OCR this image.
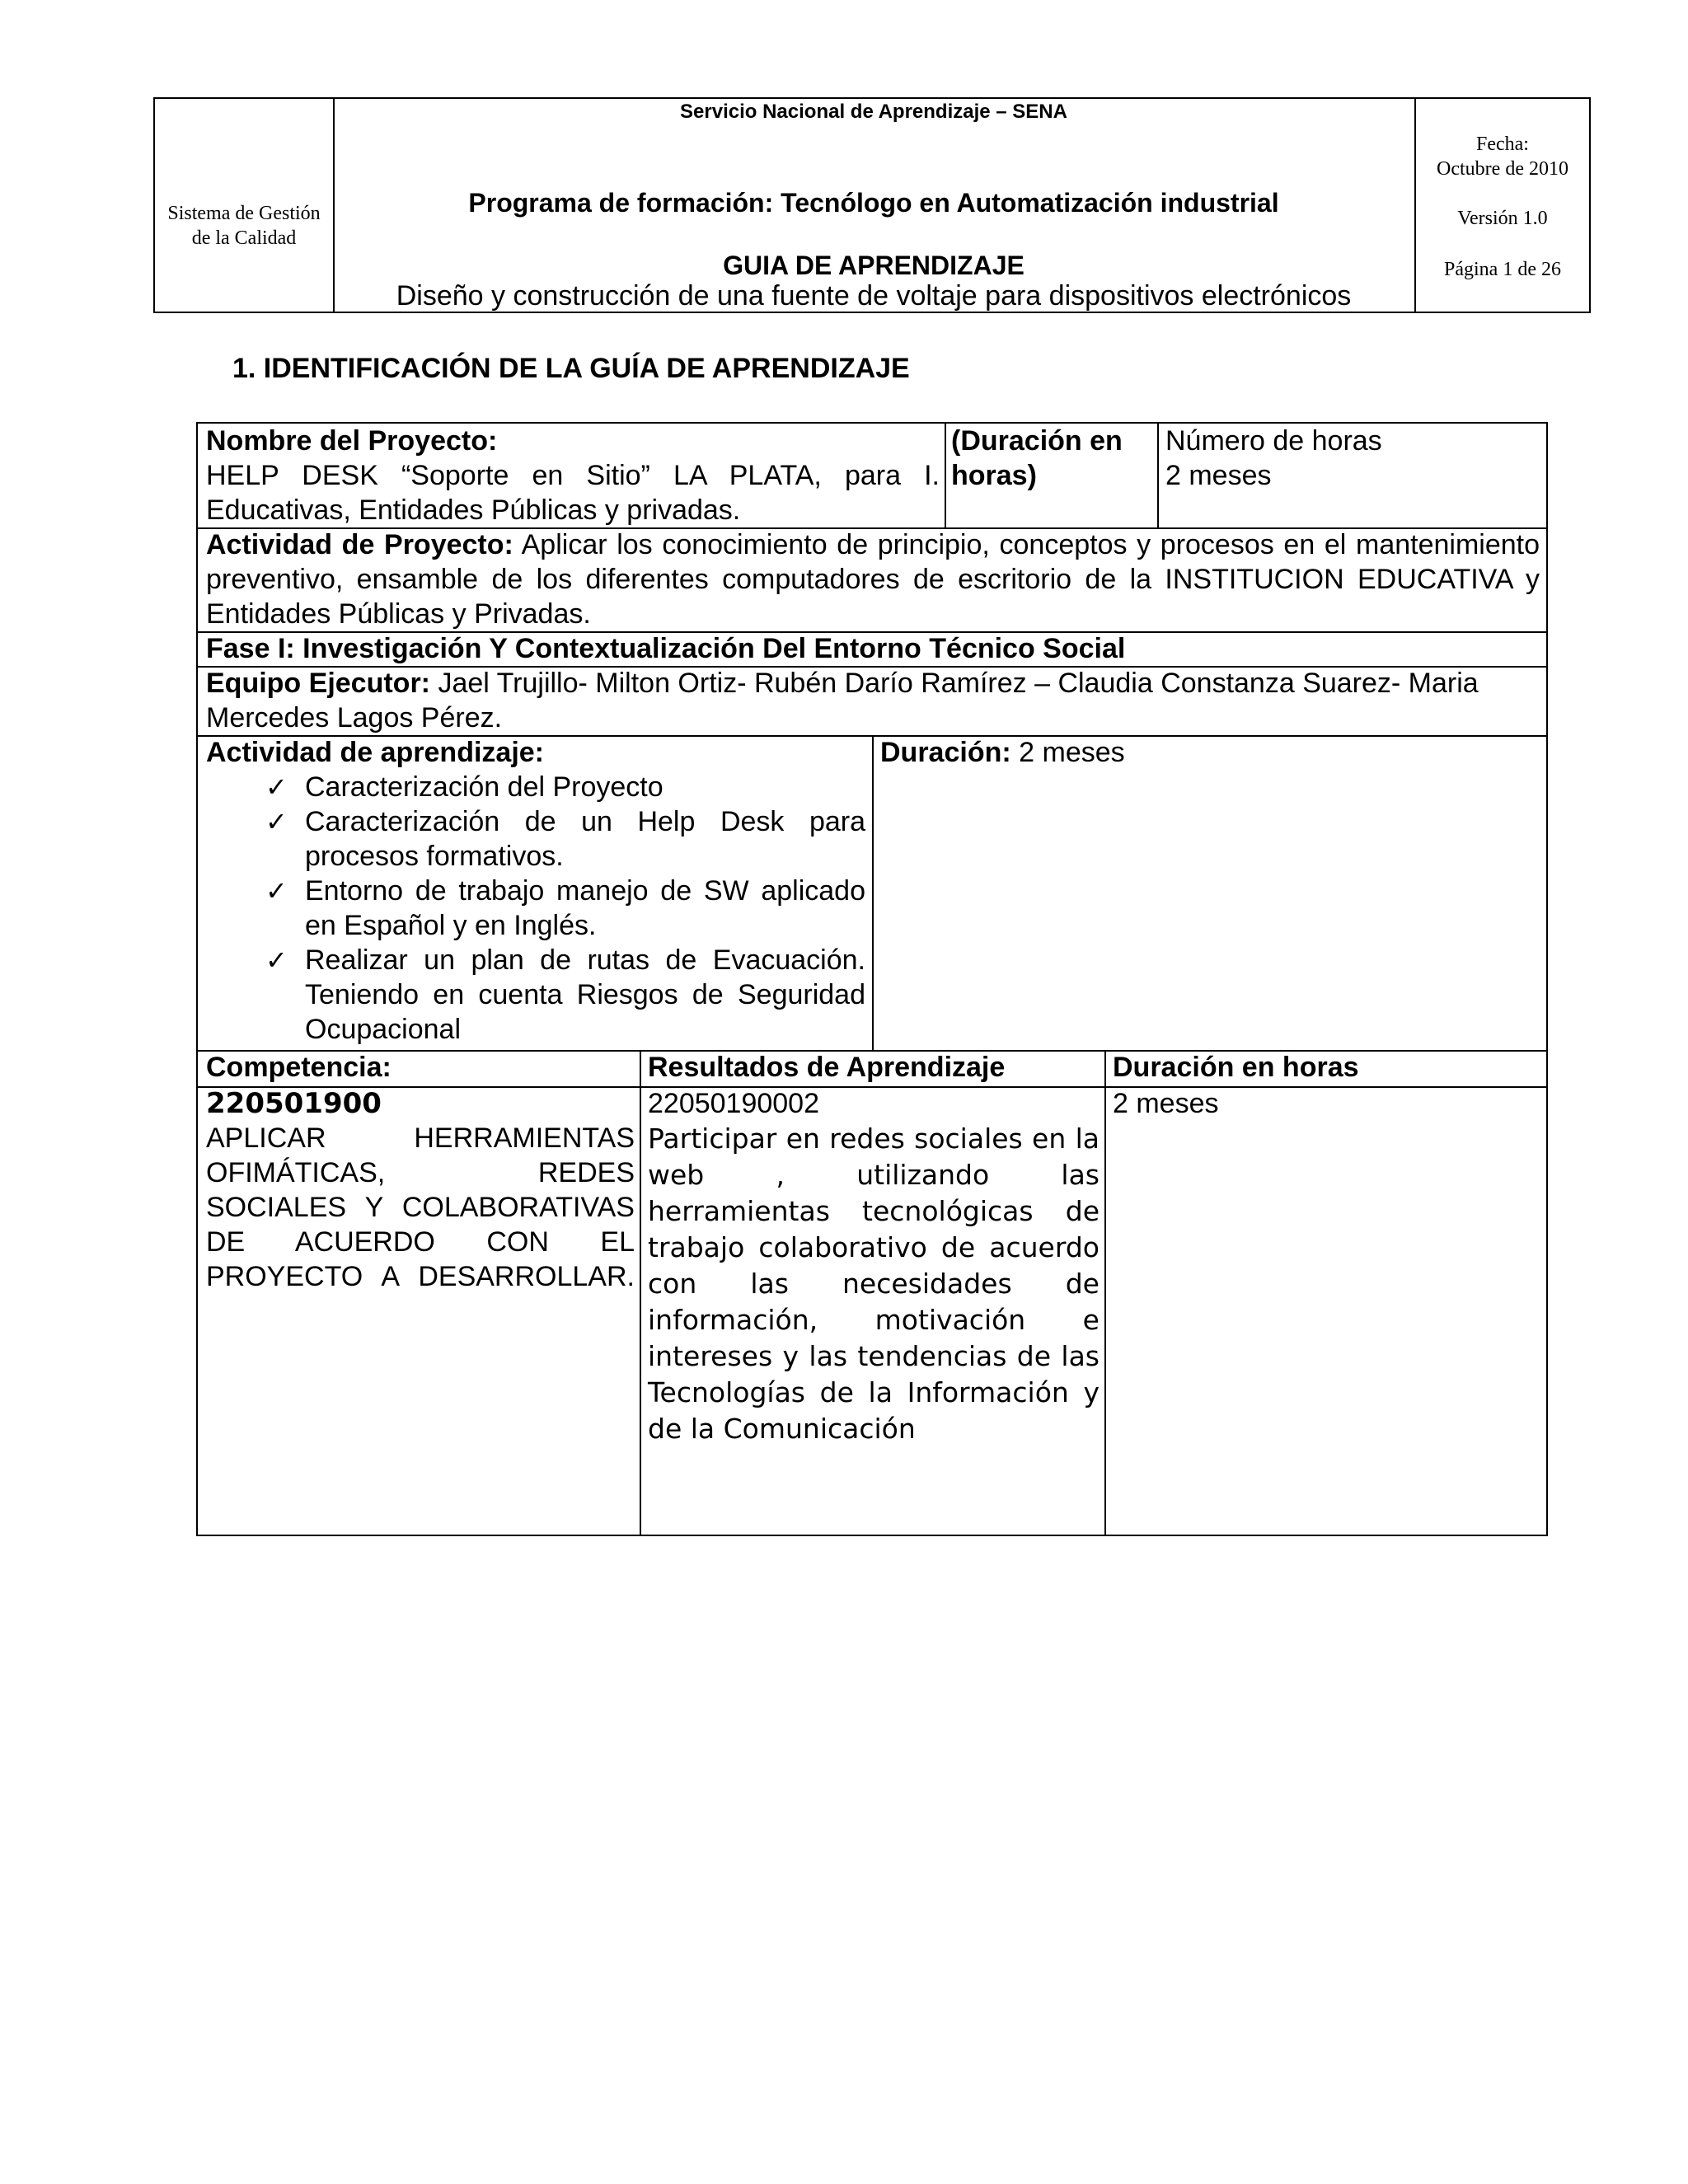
Sistema de Gestión
de la Calidad
Servicio Nacional de Aprendizaje – SENA
Programa de formación: Tecnólogo en Automatización industrial
GUIA DE APRENDIZAJE
Diseño y construcción de una fuente de voltaje para dispositivos electrónicos
Fecha:
Octubre de 2010
Versión 1.0
Página 1 de 26
1. IDENTIFICACIÓN DE LA GUÍA DE APRENDIZAJE
Nombre del Proyecto:
HELP DESK “Soporte en Sitio” LA PLATA, para I. Educativas, Entidades Públicas y privadas.
(Duración en horas)
Número de horas
2 meses
Actividad de Proyecto: Aplicar los conocimiento de principio, conceptos y procesos en el mantenimiento preventivo, ensamble de los diferentes computadores de escritorio de la INSTITUCION EDUCATIVA y Entidades Públicas y Privadas.
Fase I: Investigación Y Contextualización Del Entorno Técnico Social
Equipo Ejecutor: Jael Trujillo- Milton Ortiz- Rubén Darío Ramírez – Claudia Constanza Suarez- Maria Mercedes Lagos Pérez.
Actividad de aprendizaje:
✓ Caracterización del Proyecto
✓ Caracterización de un Help Desk para procesos formativos.
✓ Entorno de trabajo manejo de SW aplicado en Español y en Inglés.
✓ Realizar un plan de rutas de Evacuación. Teniendo en cuenta Riesgos de Seguridad Ocupacional
Duración: 2 meses
Competencia:	Resultados de Aprendizaje	Duración en horas
220501900
APLICAR HERRAMIENTAS OFIMÁTICAS, REDES SOCIALES Y COLABORATIVAS DE ACUERDO CON EL PROYECTO A DESARROLLAR.
22050190002
Participar en redes sociales en la web , utilizando las herramientas tecnológicas de trabajo colaborativo de acuerdo con las necesidades de información, motivación e intereses y las tendencias de las Tecnologías de la Información y de la Comunicación
2 meses
